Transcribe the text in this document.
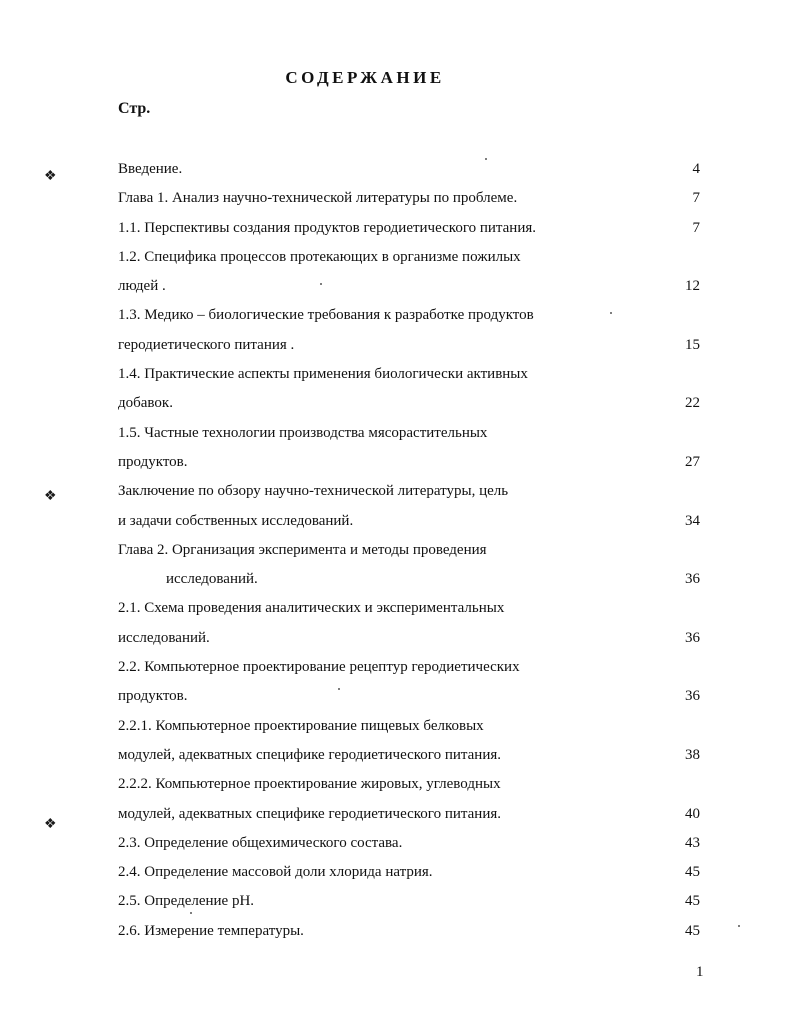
СОДЕРЖАНИЕ
Стр.
Введение.	4
Глава 1. Анализ научно-технической литературы по проблеме.	7
1.1. Перспективы создания продуктов геродиетического питания.	7
1.2. Специфика процессов протекающих в организме пожилых
людей .	12
1.3. Медико – биологические требования к разработке продуктов
геродиетического питания .	15
1.4. Практические аспекты применения биологически активных
добавок.	22
1.5. Частные технологии производства мясорастительных
продуктов.	27
Заключение по обзору научно-технической литературы, цель
и задачи собственных исследований.	34
Глава 2. Организация эксперимента и методы проведения
исследований.	36
2.1. Схема проведения аналитических и экспериментальных
исследований.	36
2.2. Компьютерное проектирование рецептур геродиетических
продуктов.	36
2.2.1. Компьютерное проектирование пищевых белковых
модулей, адекватных специфике геродиетического питания.	38
2.2.2. Компьютерное проектирование жировых, углеводных
модулей, адекватных специфике геродиетического питания.	40
2.3. Определение общехимического состава.	43
2.4. Определение массовой доли хлорида натрия.	45
2.5. Определение рН.	45
2.6. Измерение температуры.	45
1
❖
❖
❖
